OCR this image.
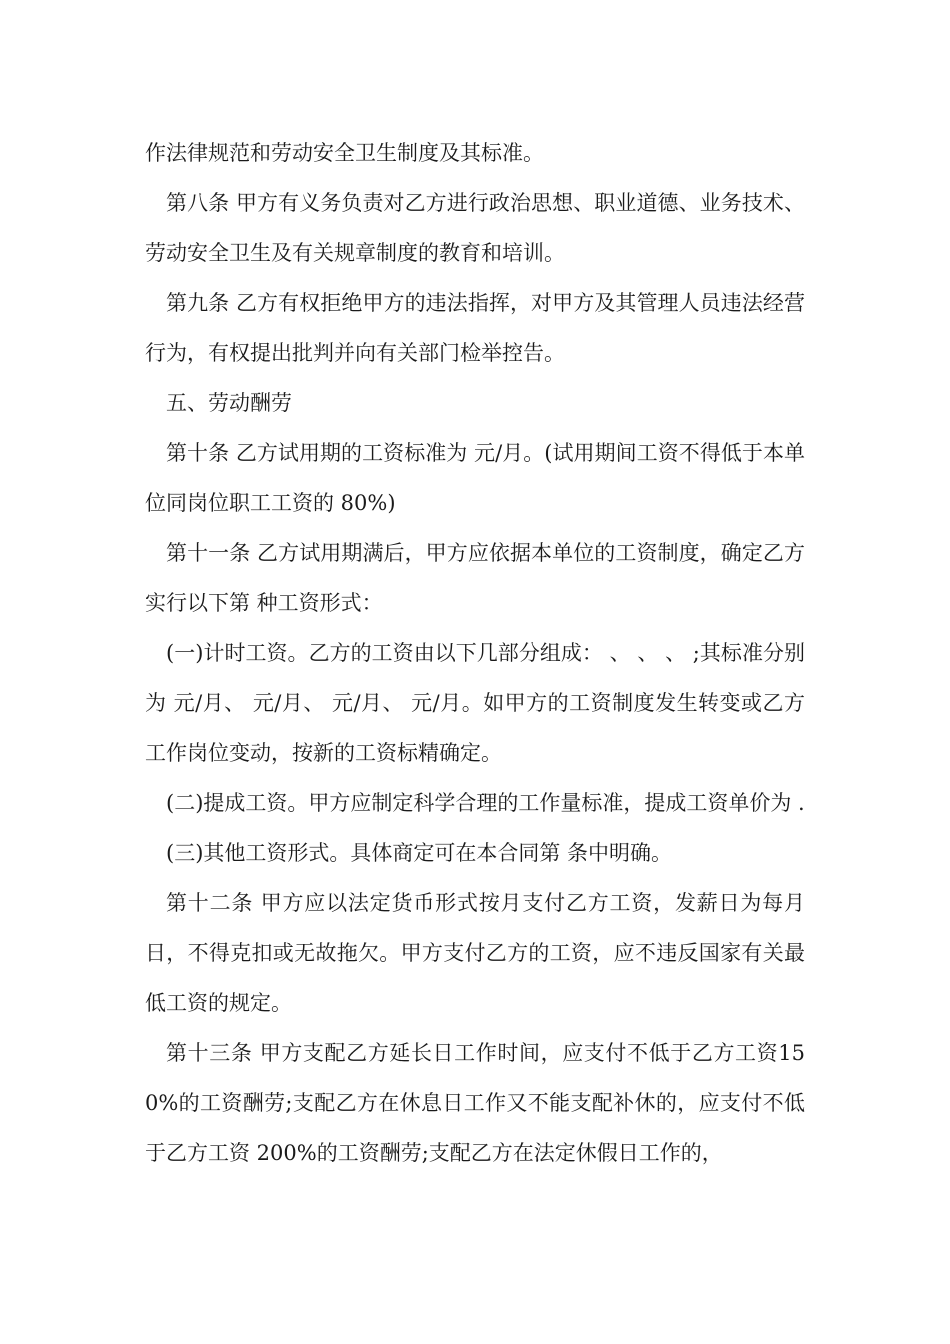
作法律规范和劳动安全卫生制度及其标准。

第八条 甲方有义务负责对乙方进行政治思想、职业道德、业务技术、劳动安全卫生及有关规章制度的教育和培训。

第九条 乙方有权拒绝甲方的违法指挥，对甲方及其管理人员违法经营行为，有权提出批判并向有关部门检举控告。

五、劳动酬劳

第十条 乙方试用期的工资标准为 元/月。(试用期间工资不得低于本单位同岗位职工工资的 80%)

第十一条 乙方试用期满后，甲方应依据本单位的工资制度，确定乙方实行以下第 种工资形式：

(一)计时工资。乙方的工资由以下几部分组成： 、 、 、 ;其标准分别为 元/月、 元/月、 元/月、 元/月。如甲方的工资制度发生转变或乙方工作岗位变动，按新的工资标精确定。

(二)提成工资。甲方应制定科学合理的工作量标准，提成工资单价为 .

(三)其他工资形式。具体商定可在本合同第 条中明确。

第十二条 甲方应以法定货币形式按月支付乙方工资，发薪日为每月 日，不得克扣或无故拖欠。甲方支付乙方的工资，应不违反国家有关最低工资的规定。

第十三条 甲方支配乙方延长日工作时间，应支付不低于乙方工资150%的工资酬劳;支配乙方在休息日工作又不能支配补休的，应支付不低于乙方工资 200%的工资酬劳;支配乙方在法定休假日工作的，
